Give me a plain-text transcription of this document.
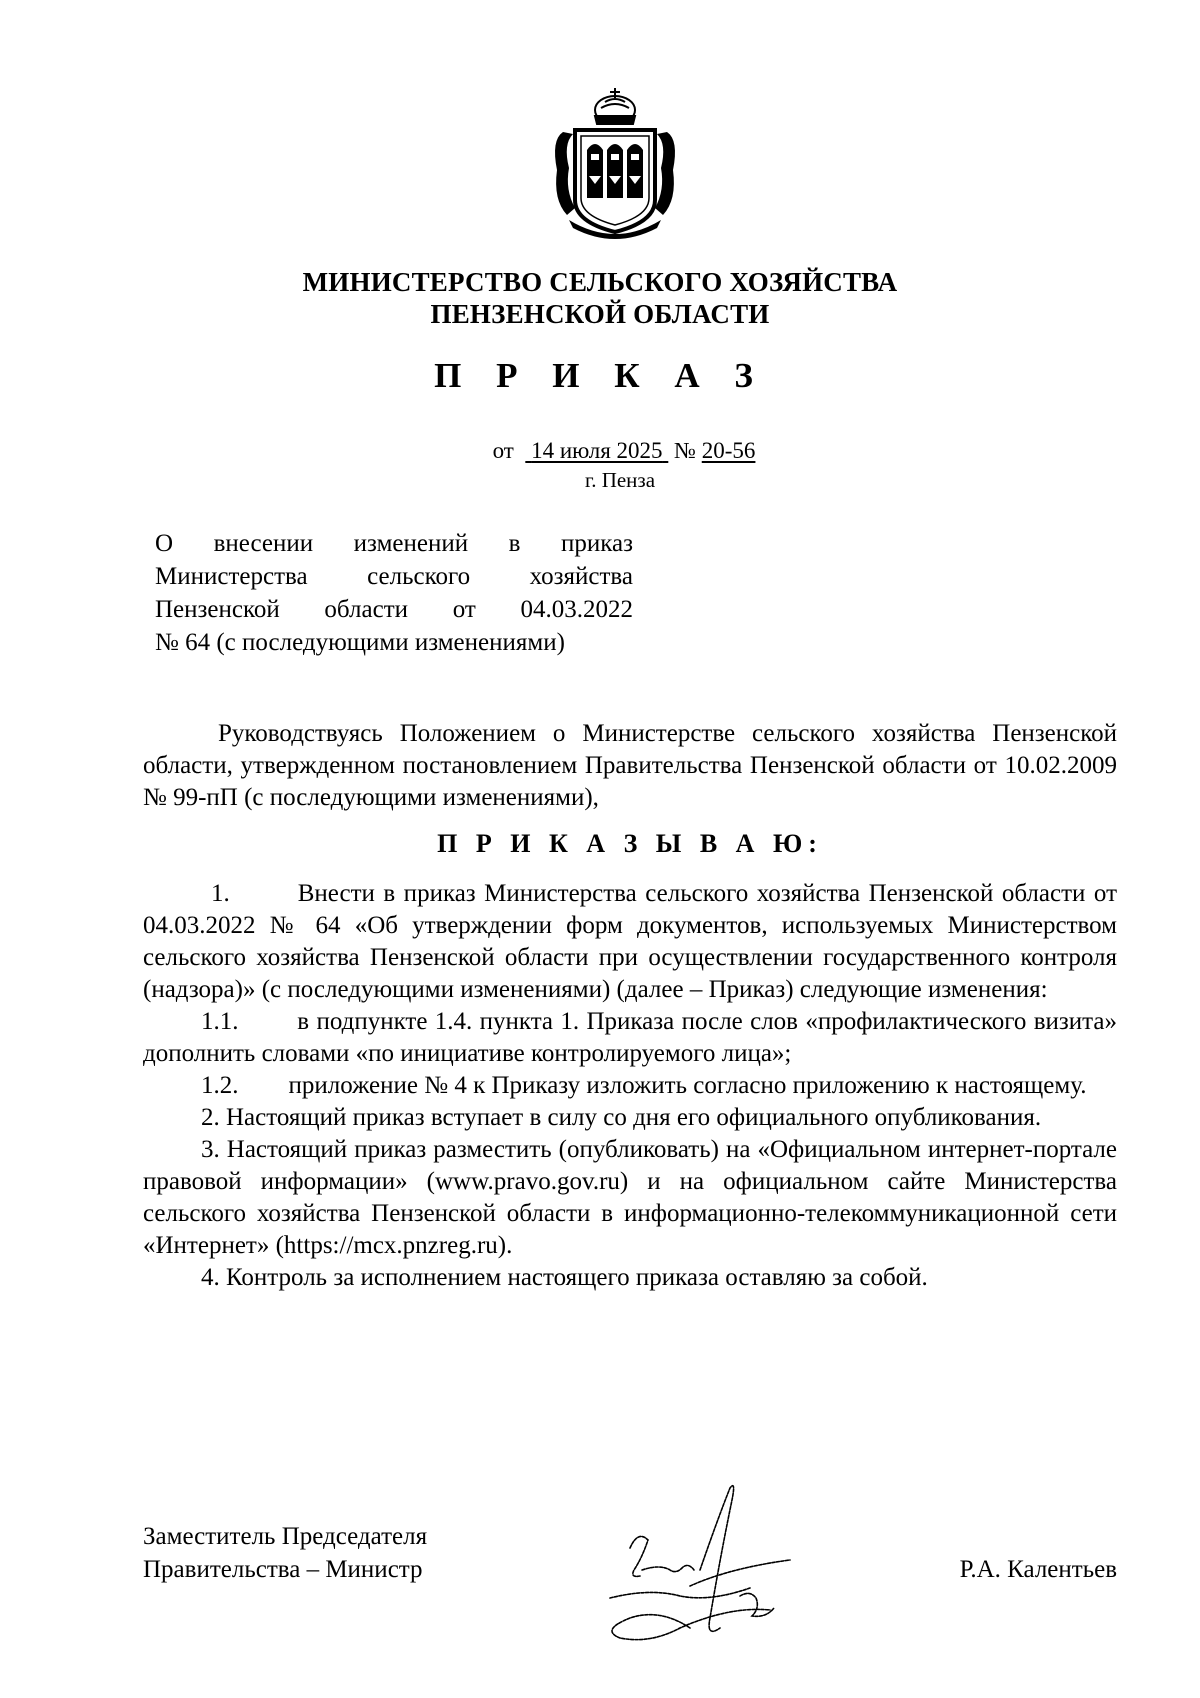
МИНИСТЕРСТВО СЕЛЬСКОГО ХОЗЯЙСТВА
ПЕНЗЕНСКОЙ ОБЛАСТИ
П Р И К А З
от 14 июля 2025 № 20-56
г. Пенза
О внесении изменений в приказ
Министерства сельского хозяйства
Пензенской области от 04.03.2022
№ 64 (с последующими изменениями)

Руководствуясь Положением о Министерстве сельского хозяйства Пензенской области, утвержденном постановлением Правительства Пензенской области от 10.02.2009 № 99-пП (с последующими изменениями),

П Р И К А З Ы В А Ю:

1.	Внести в приказ Министерства сельского хозяйства Пензенской области от 04.03.2022 № 64 «Об утверждении форм документов, используемых Министерством сельского хозяйства Пензенской области при осуществлении государственного контроля (надзора)» (с последующими изменениями) (далее – Приказ) следующие изменения:

1.1. в подпункте 1.4. пункта 1. Приказа после слов «профилактического визита» дополнить словами «по инициативе контролируемого лица»;

1.2. приложение № 4 к Приказу изложить согласно приложению к настоящему.

2. Настоящий приказ вступает в силу со дня его официального опубликования.

3. Настоящий приказ разместить (опубликовать) на «Официальном интернет-портале правовой информации» (www.pravo.gov.ru) и на официальном сайте Министерства сельского хозяйства Пензенской области в информационно-телекоммуникационной сети «Интернет» (https://mcx.pnzreg.ru).

4. Контроль за исполнением настоящего приказа оставляю за собой.

Заместитель Председателя
Правительства – Министр	Р.А. Калентьев
